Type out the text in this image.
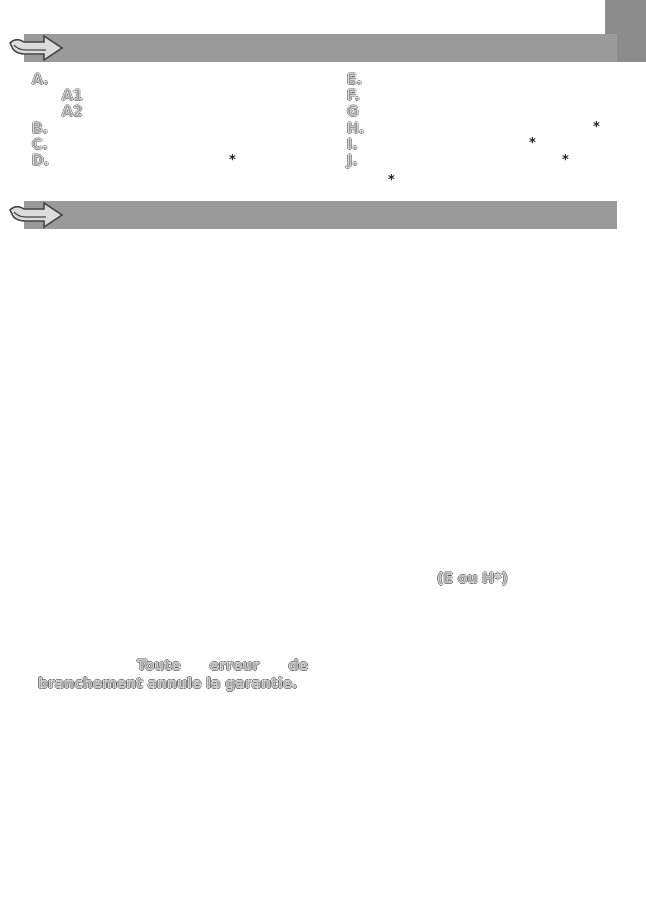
A.
A1
A2
B.
C.
D.	*
E.
F.
G
H.	*
I.	*
J.	*
*
(E ou H*)
Toute erreur de
branchement annule la garantie.
